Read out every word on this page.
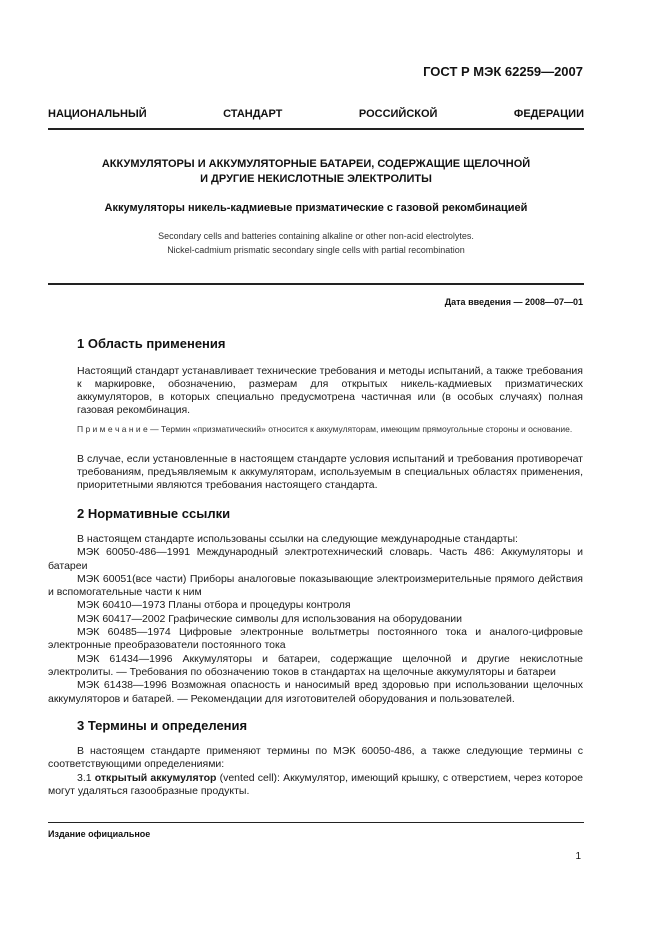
ГОСТ Р МЭК 62259—2007
НАЦИОНАЛЬНЫЙ СТАНДАРТ РОССИЙСКОЙ ФЕДЕРАЦИИ
АККУМУЛЯТОРЫ И АККУМУЛЯТОРНЫЕ БАТАРЕИ, СОДЕРЖАЩИЕ ЩЕЛОЧНОЙ
И ДРУГИЕ НЕКИСЛОТНЫЕ ЭЛЕКТРОЛИТЫ
Аккумуляторы никель-кадмиевые призматические с газовой рекомбинацией
Secondary cells and batteries containing alkaline or other non-acid electrolytes.
Nickel-cadmium prismatic secondary single cells with partial recombination
Дата введения — 2008—07—01
1 Область применения
Настоящий стандарт устанавливает технические требования и методы испытаний, а также требования к маркировке, обозначению, размерам для открытых никель-кадмиевых призматических аккумуляторов, в которых специально предусмотрена частичная или (в особых случаях) полная газовая рекомбинация.
П р и м е ч а н и е — Термин «призматический» относится к аккумуляторам, имеющим прямоугольные стороны и основание.
В случае, если установленные в настоящем стандарте условия испытаний и требования противоречат требованиям, предъявляемым к аккумуляторам, используемым в специальных областях применения, приоритетными являются требования настоящего стандарта.
2 Нормативные ссылки

В настоящем стандарте использованы ссылки на следующие международные стандарты:

МЭК 60050-486—1991 Международный электротехнический словарь. Часть 486: Аккумуляторы и батареи

МЭК 60051(все части) Приборы аналоговые показывающие электроизмерительные прямого действия и вспомогательные части к ним

МЭК 60410—1973 Планы отбора и процедуры контроля

МЭК 60417—2002 Графические символы для использования на оборудовании

МЭК 60485—1974 Цифровые электронные вольтметры постоянного тока и аналого-цифровые электронные преобразователи постоянного тока

МЭК 61434—1996 Аккумуляторы и батареи, содержащие щелочной и другие некислотные электролиты. — Требования по обозначению токов в стандартах на щелочные аккумуляторы и батареи

МЭК 61438—1996 Возможная опасность и наносимый вред здоровью при использовании щелочных аккумуляторов и батарей. — Рекомендации для изготовителей оборудования и пользователей.

3 Термины и определения

В настоящем стандарте применяют термины по МЭК 60050-486, а также следующие термины с соответствующими определениями:

3.1 открытый аккумулятор (vented cell): Аккумулятор, имеющий крышку, с отверстием, через которое могут удаляться газообразные продукты.

Издание официальное
1
